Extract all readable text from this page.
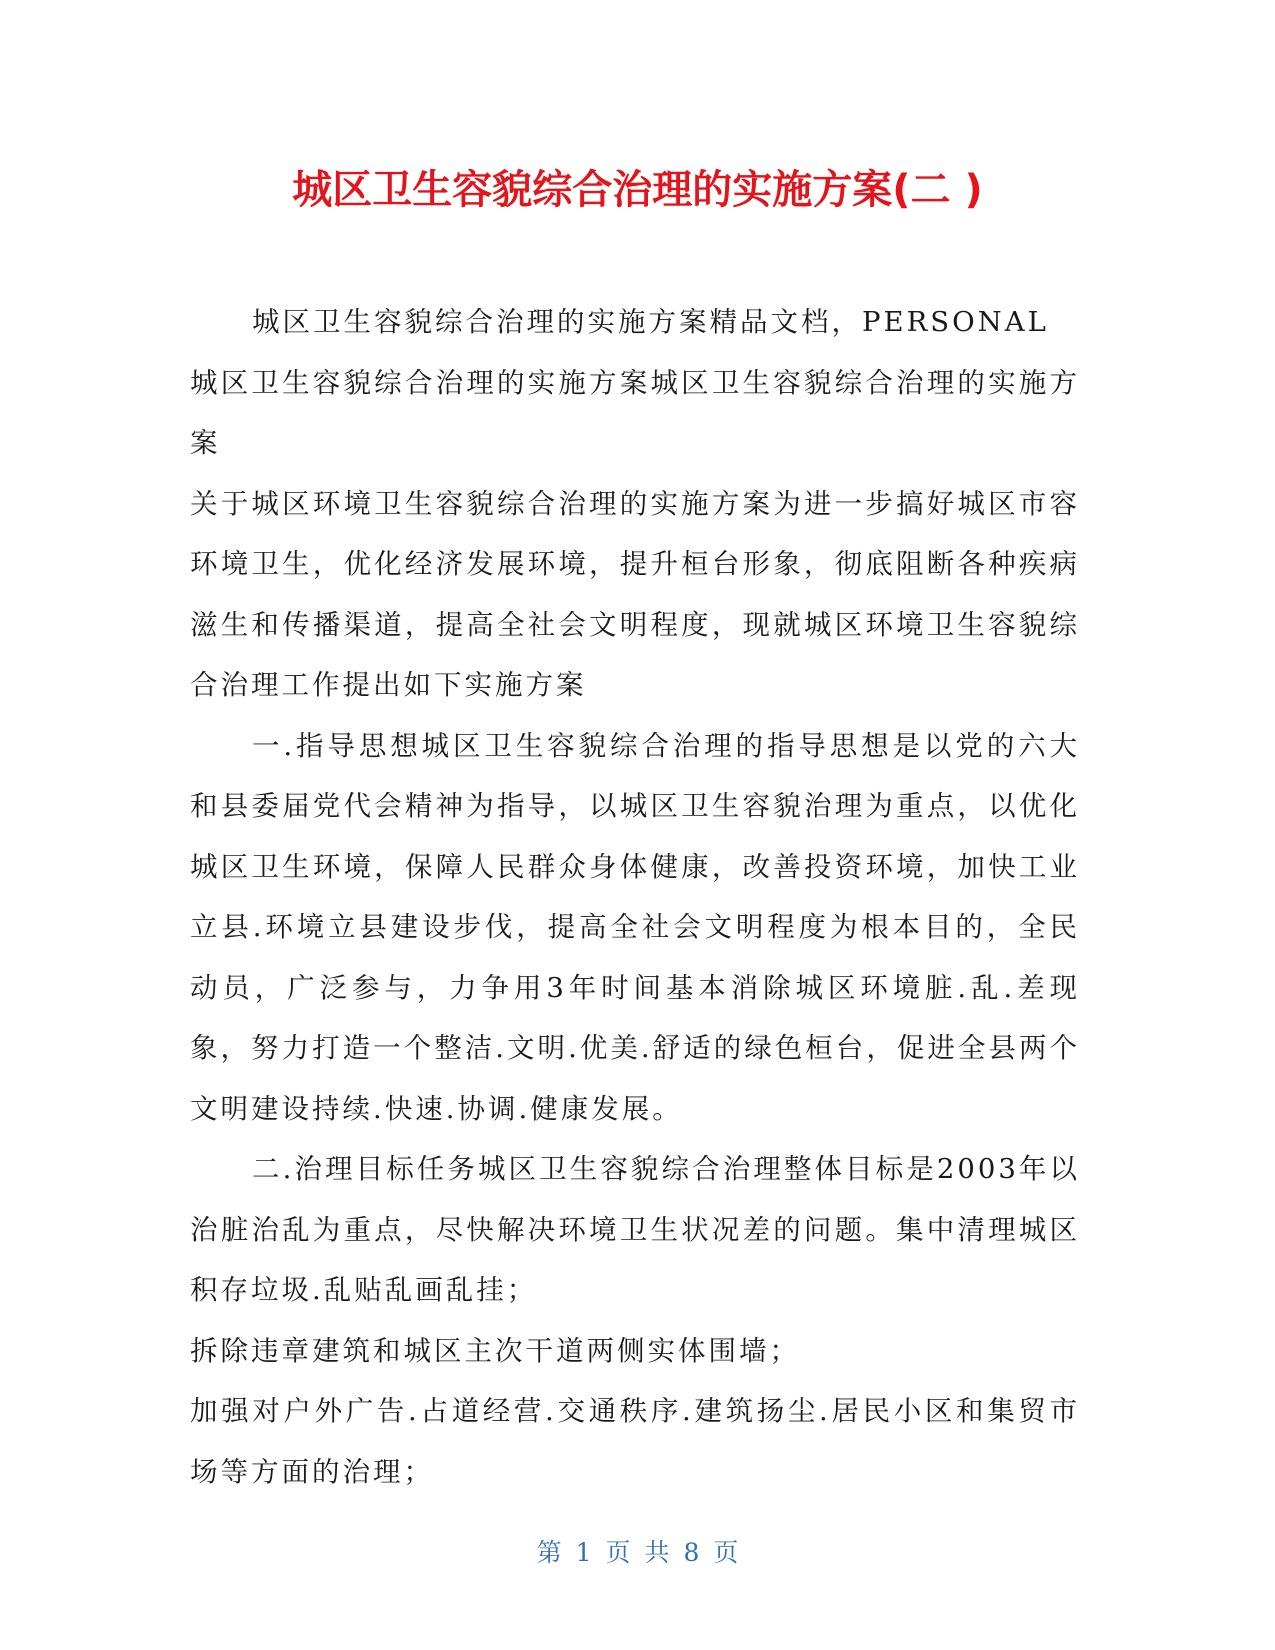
城区卫生容貌综合治理的实施方案(二 )

城区卫生容貌综合治理的实施方案精品文档，PERSONAL

城区卫生容貌综合治理的实施方案城区卫生容貌综合治理的实施方案

关于城区环境卫生容貌综合治理的实施方案为进一步搞好城区市容环境卫生，优化经济发展环境，提升桓台形象，彻底阻断各种疾病滋生和传播渠道，提高全社会文明程度，现就城区环境卫生容貌综合治理工作提出如下实施方案

一.指导思想城区卫生容貌综合治理的指导思想是以党的六大和县委届党代会精神为指导，以城区卫生容貌治理为重点，以优化城区卫生环境，保障人民群众身体健康，改善投资环境，加快工业立县.环境立县建设步伐，提高全社会文明程度为根本目的，全民动员，广泛参与，力争用3年时间基本消除城区环境脏.乱.差现象，努力打造一个整洁.文明.优美.舒适的绿色桓台，促进全县两个文明建设持续.快速.协调.健康发展。

二.治理目标任务城区卫生容貌综合治理整体目标是2003年以治脏治乱为重点，尽快解决环境卫生状况差的问题。集中清理城区积存垃圾.乱贴乱画乱挂；

拆除违章建筑和城区主次干道两侧实体围墙；

加强对户外广告.占道经营.交通秩序.建筑扬尘.居民小区和集贸市场等方面的治理；

第 1 页 共 8 页
